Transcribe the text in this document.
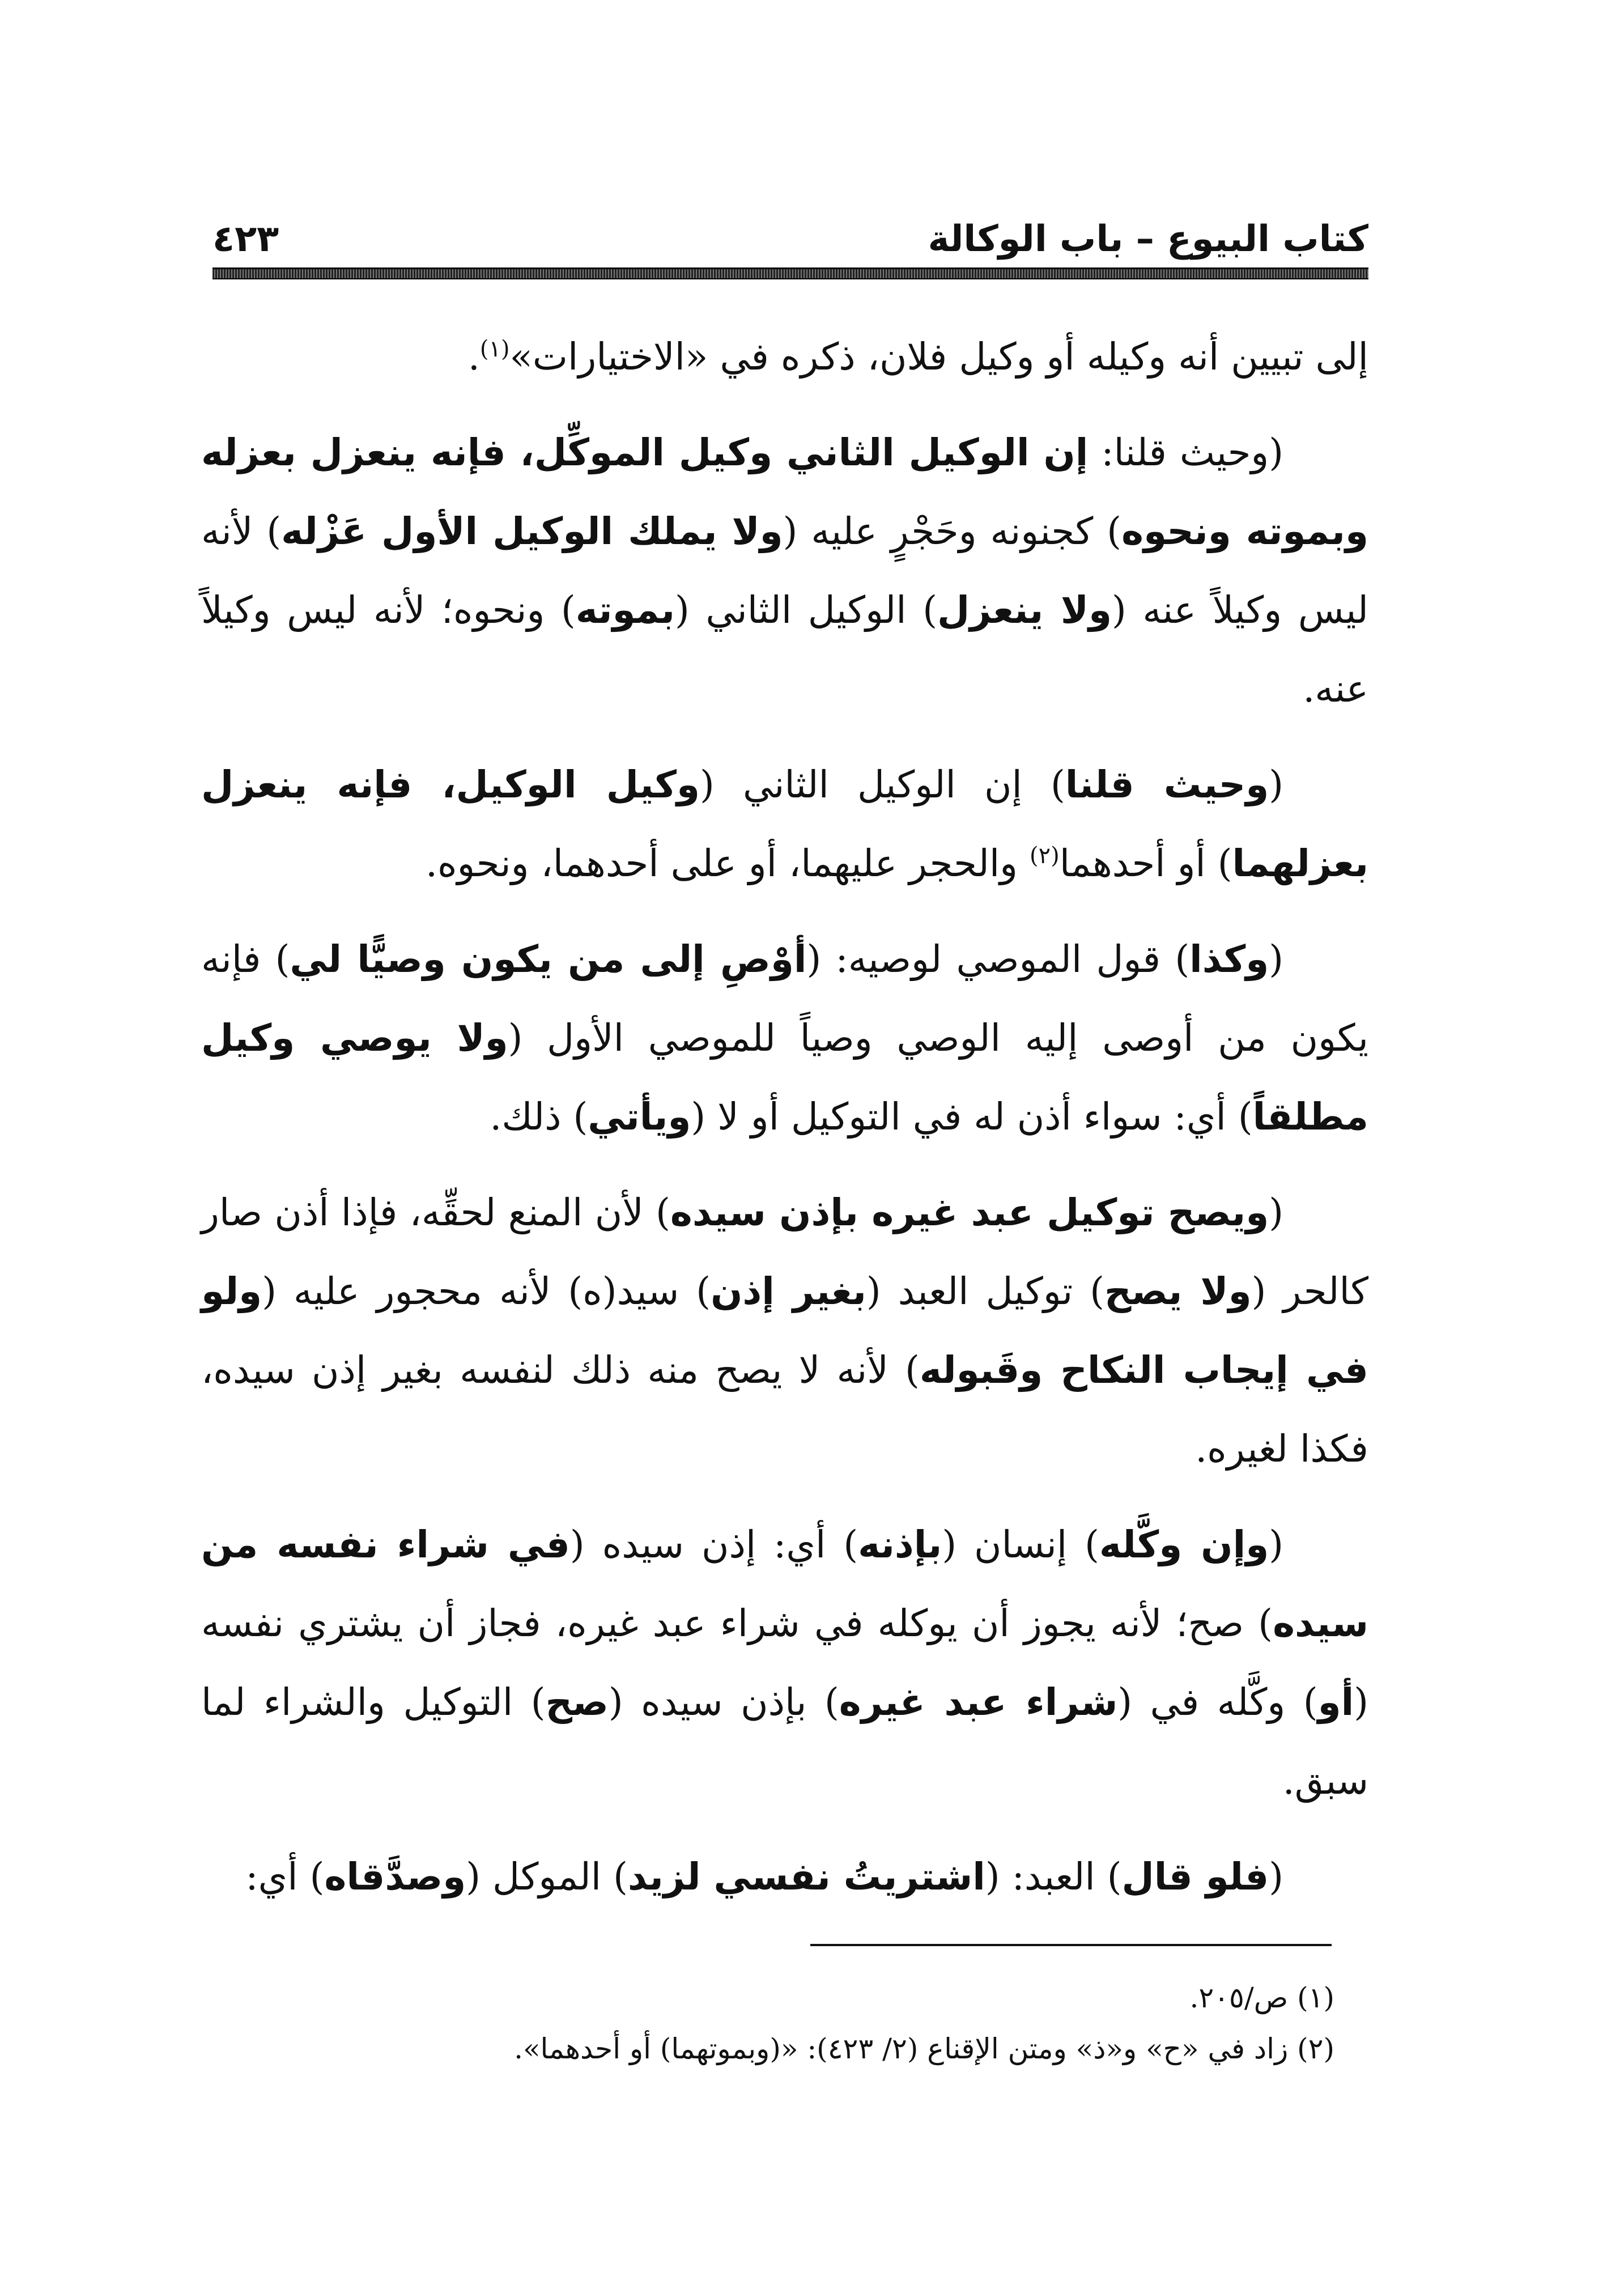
كتاب البيوع – باب الوكالة
٤٢٣

إلى تبيين أنه وكيله أو وكيل فلان، ذكره في «الاختيارات»$^{(١)}$.

(وحيث قلنا: إن الوكيل الثاني وكيل الموكِّل، فإنه ينعزل بعزله وبموته ونحوه) كجنونه وحَجْرٍ عليه (ولا يملك الوكيل الأول عَزْله) لأنه ليس وكيلاً عنه (ولا ينعزل) الوكيل الثاني (بموته) ونحوه؛ لأنه ليس وكيلاً عنه.

(وحيث قلنا) إن الوكيل الثاني (وكيل الوكيل، فإنه ينعزل بعزلهما) أو أحدهما$^{(٢)}$ والحجر عليهما، أو على أحدهما، ونحوه.

(وكذا) قول الموصي لوصيه: (أوْصِ إلى من يكون وصيًّا لي) فإنه يكون من أوصى إليه الوصي وصياً للموصي الأول (ولا يوصي وكيل مطلقاً) أي: سواء أذن له في التوكيل أو لا (ويأتي) ذلك.

(ويصح توكيل عبد غيره بإذن سيده) لأن المنع لحقِّه، فإذا أذن صار كالحر (ولا يصح) توكيل العبد (بغير إذن) سيد(ه) لأنه محجور عليه (ولو في إيجاب النكاح وقَبوله) لأنه لا يصح منه ذلك لنفسه بغير إذن سيده، فكذا لغيره.

(وإن وكَّله) إنسان (بإذنه) أي: إذن سيده (في شراء نفسه من سيده) صح؛ لأنه يجوز أن يوكله في شراء عبد غيره، فجاز أن يشتري نفسه (أو) وكَّله في (شراء عبد غيره) بإذن سيده (صح) التوكيل والشراء لما سبق.

(فلو قال) العبد: (اشتريتُ نفسي لزيد) الموكل (وصدَّقاه) أي:

(١) ص/٢٠٥.

(٢) زاد في «ح» و«ذ» ومتن الإقناع (٢/ ٤٢٣): «(وبموتهما) أو أحدهما».
